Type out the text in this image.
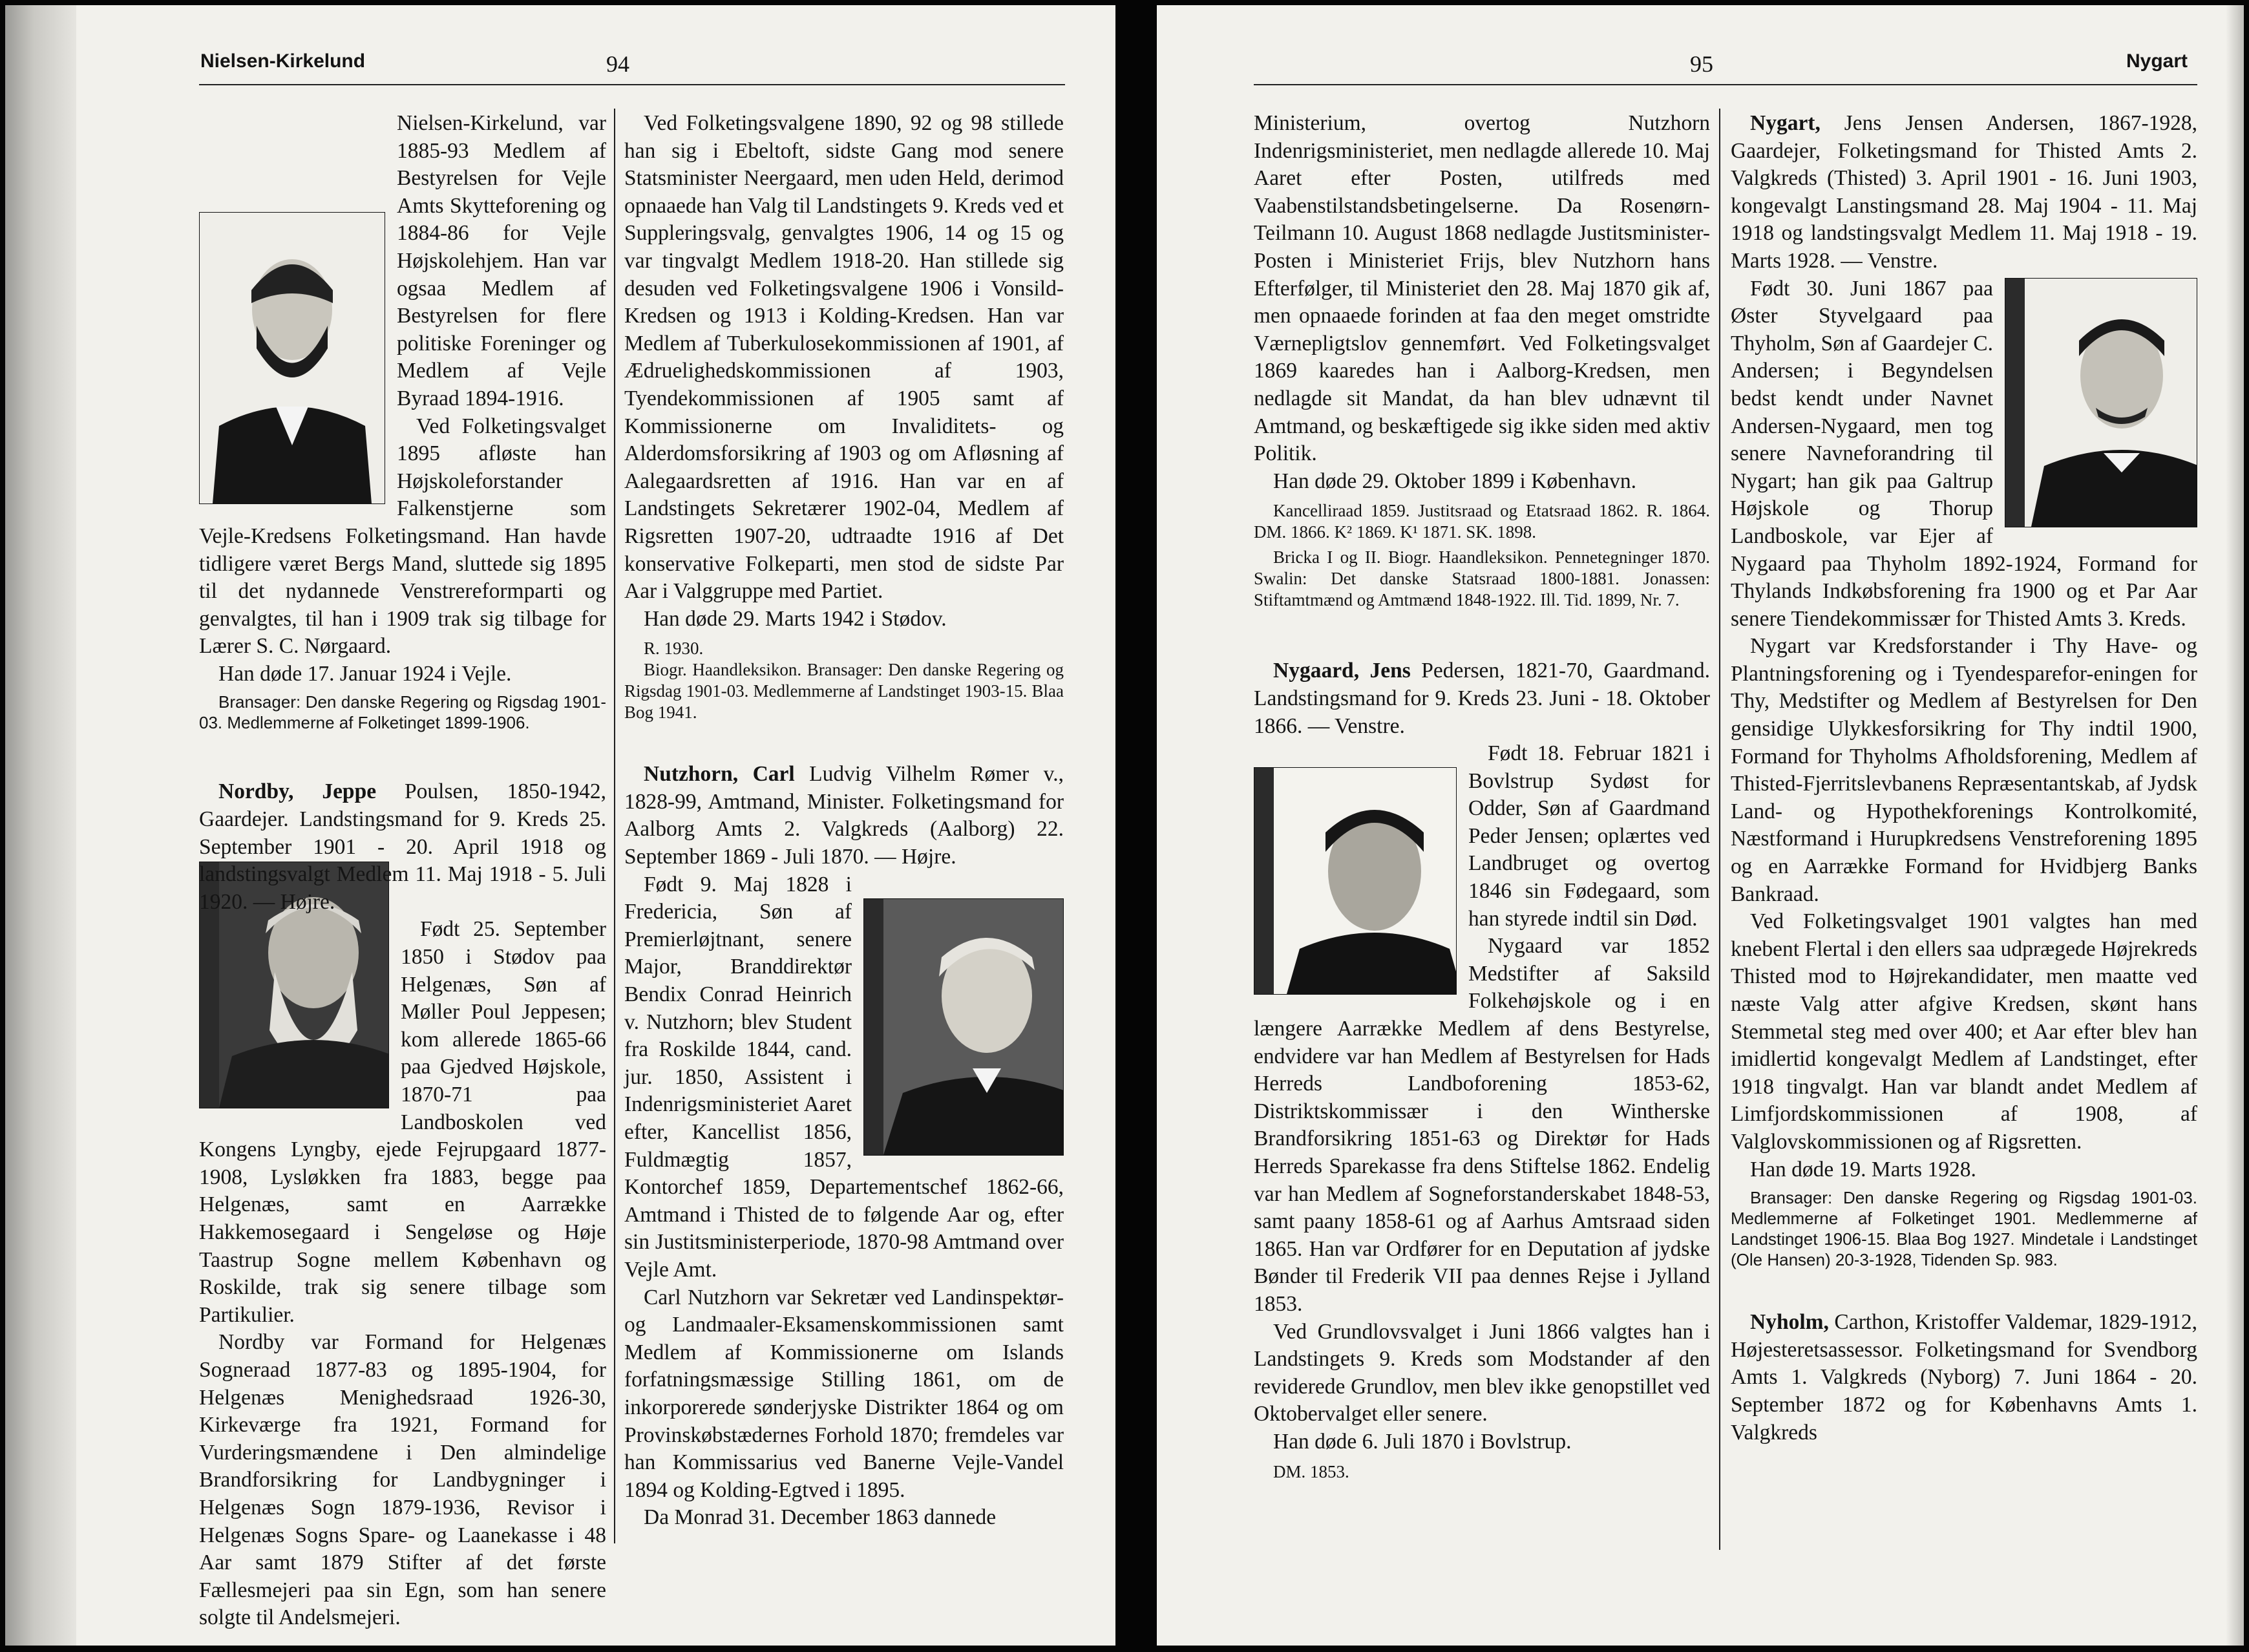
Nielsen-Kirkelund	94

Nielsen-Kirkelund, var 1885-93 Medlem af Bestyrelsen for Vejle Amts Skytteforening og 1884-86 for Vejle Højskolehjem. Han var ogsaa Medlem af Bestyrelsen for flere politiske Foreninger og Medlem af Vejle Byraad 1894-1916.

Ved Folketingsvalget 1895 afløste han Højskoleforstander Falkenstjerne som Vejle-Kredsens Folketingsmand. Han havde tidligere været Bergs Mand, sluttede sig 1895 til det nydannede Venstrereformparti og genvalgtes, til han i 1909 trak sig tilbage for Lærer S. C. Nørgaard.

Han døde 17. Januar 1924 i Vejle.

Bransager: Den danske Regering og Rigsdag 1901-03. Medlemmerne af Folketinget 1899-1906.

Nordby, Jeppe Poulsen, 1850-1942, Gaardejer. Landstingsmand for 9. Kreds 25. September 1901 - 20. April 1918 og landstingsvalgt Medlem 11. Maj 1918 - 5. Juli 1920. — Højre.

Født 25. September 1850 i Stødov paa Helgenæs, Søn af Møller Poul Jeppesen; kom allerede 1865-66 paa Gjedved Højskole, 1870-71 paa Landboskolen ved Kongens Lyngby, ejede Fejrupgaard 1877-1908, Lysløkken fra 1883, begge paa Helgenæs, samt en Aarrække Hakkemosegaard i Sengeløse og Høje Taastrup Sogne mellem København og Roskilde, trak sig senere tilbage som Partikulier.

Nordby var Formand for Helgenæs Sogneraad 1877-83 og 1895-1904, for Helgenæs Menighedsraad 1926-30, Kirkeværge fra 1921, Formand for Vurderingsmændene i Den almindelige Brandforsikring for Landbygninger i Helgenæs Sogn 1879-1936, Revisor i Helgenæs Sogns Spare- og Laanekasse i 48 Aar samt 1879 Stifter af det første Fællesmejeri paa sin Egn, som han senere solgte til Andelsmejeri.

Ved Folketingsvalgene 1890, 92 og 98 stillede han sig i Ebeltoft, sidste Gang mod senere Statsminister Neergaard, men uden Held, derimod opnaaede han Valg til Landstingets 9. Kreds ved et Suppleringsvalg, genvalgtes 1906, 14 og 15 og var tingvalgt Medlem 1918-20. Han stillede sig desuden ved Folketingsvalgene 1906 i Vonsild-Kredsen og 1913 i Kolding-Kredsen. Han var Medlem af Tuberkulosekommissionen af 1901, af Ædruelighedskommissionen af 1903, Tyendekommissionen af 1905 samt af Kommissionerne om Invaliditets- og Alderdomsforsikring af 1903 og om Afløsning af Aalegaardsretten af 1916. Han var en af Landstingets Sekretærer 1902-04, Medlem af Rigsretten 1907-20, udtraadte 1916 af Det konservative Folkeparti, men stod de sidste Par Aar i Valggruppe med Partiet.

Han døde 29. Marts 1942 i Stødov.

R. 1930.

Biogr. Haandleksikon. Bransager: Den danske Regering og Rigsdag 1901-03. Medlemmerne af Landstinget 1903-15. Blaa Bog 1941.

Nutzhorn, Carl Ludvig Vilhelm Rømer v., 1828-99, Amtmand, Minister. Folketingsmand for Aalborg Amts 2. Valgkreds (Aalborg) 22. September 1869 - Juli 1870. — Højre.

Født 9. Maj 1828 i Fredericia, Søn af Premierløjtnant, senere Major, Branddirektør Bendix Conrad Heinrich v. Nutzhorn; blev Student fra Roskilde 1844, cand. jur. 1850, Assistent i Indenrigsministeriet Aaret efter, Kancellist 1856, Fuldmægtig 1857, Kontorchef 1859, Departementschef 1862-66, Amtmand i Thisted de to følgende Aar og, efter sin Justitsministerperiode, 1870-98 Amtmand over Vejle Amt.

Carl Nutzhorn var Sekretær ved Landinspektør- og Landmaaler-Eksamenskommissionen samt Medlem af Kommissionerne om Islands forfatningsmæssige Stilling 1861, om de inkorporerede sønderjyske Distrikter 1864 og om Provinskøbstædernes Forhold 1870; fremdeles var han Kommissarius ved Banerne Vejle-Vandel 1894 og Kolding-Egtved i 1895.

Da Monrad 31. December 1863 dannede

95	Nygart

Ministerium, overtog Nutzhorn Indenrigsministeriet, men nedlagde allerede 10. Maj Aaret efter Posten, utilfreds med Vaabenstilstandsbetingelserne. Da Rosenørn-Teilmann 10. August 1868 nedlagde Justitsminister-Posten i Ministeriet Frijs, blev Nutzhorn hans Efterfølger, til Ministeriet den 28. Maj 1870 gik af, men opnaaede forinden at faa den meget omstridte Værnepligtslov gennemført. Ved Folketingsvalget 1869 kaaredes han i Aalborg-Kredsen, men nedlagde sit Mandat, da han blev udnævnt til Amtmand, og beskæftigede sig ikke siden med aktiv Politik.

Han døde 29. Oktober 1899 i København.

Kancelliraad 1859. Justitsraad og Etatsraad 1862. R. 1864. DM. 1866. K² 1869. K¹ 1871. SK. 1898.

Bricka I og II. Biogr. Haandleksikon. Pennetegninger 1870. Swalin: Det danske Statsraad 1800-1881. Jonassen: Stiftamtmænd og Amtmænd 1848-1922. Ill. Tid. 1899, Nr. 7.

Nygaard, Jens Pedersen, 1821-70, Gaardmand. Landstingsmand for 9. Kreds 23. Juni - 18. Oktober 1866. — Venstre.

Født 18. Februar 1821 i Bovlstrup Sydøst for Odder, Søn af Gaardmand Peder Jensen; oplærtes ved Landbruget og overtog 1846 sin Fødegaard, som han styrede indtil sin Død.

Nygaard var 1852 Medstifter af Saksild Folkehøjskole og i en længere Aarrække Medlem af dens Bestyrelse, endvidere var han Medlem af Bestyrelsen for Hads Herreds Landboforening 1853-62, Distriktskommissær i den Wintherske Brandforsikring 1851-63 og Direktør for Hads Herreds Sparekasse fra dens Stiftelse 1862. Endelig var han Medlem af Sogneforstanderskabet 1848-53, samt paany 1858-61 og af Aarhus Amtsraad siden 1865. Han var Ordfører for en Deputation af jydske Bønder til Frederik VII paa dennes Rejse i Jylland 1853.

Ved Grundlovsvalget i Juni 1866 valgtes han i Landstingets 9. Kreds som Modstander af den reviderede Grundlov, men blev ikke genopstillet ved Oktobervalget eller senere.

Han døde 6. Juli 1870 i Bovlstrup.

DM. 1853.

Nygart, Jens Jensen Andersen, 1867-1928, Gaardejer, Folketingsmand for Thisted Amts 2. Valgkreds (Thisted) 3. April 1901 - 16. Juni 1903, kongevalgt Lanstingsmand 28. Maj 1904 - 11. Maj 1918 og landstingsvalgt Medlem 11. Maj 1918 - 19. Marts 1928. — Venstre.

Født 30. Juni 1867 paa Øster Styvelgaard paa Thyholm, Søn af Gaardejer C. Andersen; i Begyndelsen bedst kendt under Navnet Andersen-Nygaard, men tog senere Navneforandring til Nygart; han gik paa Galtrup Højskole og Thorup Landboskole, var Ejer af Nygaard paa Thyholm 1892-1924, Formand for Thylands Indkøbsforening fra 1900 og et Par Aar senere Tiendekommissær for Thisted Amts 3. Kreds.

Nygart var Kredsforstander i Thy Have- og Plantningsforening og i Tyendesparefor-eningen for Thy, Medstifter og Medlem af Bestyrelsen for Den gensidige Ulykkesforsikring for Thy indtil 1900, Formand for Thyholms Afholdsforening, Medlem af Thisted-Fjerritslevbanens Repræsentantskab, af Jydsk Land- og Hypothekforenings Kontrolkomité, Næstformand i Hurupkredsens Venstreforening 1895 og en Aarrække Formand for Hvidbjerg Banks Bankraad.

Ved Folketingsvalget 1901 valgtes han med knebent Flertal i den ellers saa udprægede Højrekreds Thisted mod to Højrekandidater, men maatte ved næste Valg atter afgive Kredsen, skønt hans Stemmetal steg med over 400; et Aar efter blev han imidlertid kongevalgt Medlem af Landstinget, efter 1918 tingvalgt. Han var blandt andet Medlem af Limfjordskommissionen af 1908, af Valglovskommissionen og af Rigsretten.

Han døde 19. Marts 1928.

Bransager: Den danske Regering og Rigsdag 1901-03. Medlemmerne af Folketinget 1901. Medlemmerne af Landstinget 1906-15. Blaa Bog 1927. Mindetale i Landstinget (Ole Hansen) 20-3-1928, Tidenden Sp. 983.

Nyholm, Carthon, Kristoffer Valdemar, 1829-1912, Højesteretsassessor. Folketingsmand for Svendborg Amts 1. Valgkreds (Nyborg) 7. Juni 1864 - 20. September 1872 og for Københavns Amts 1. Valgkreds
